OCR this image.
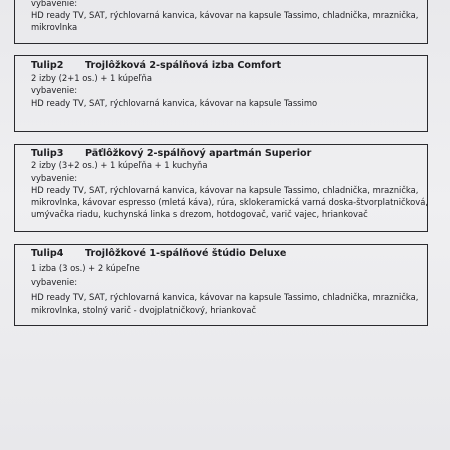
vybavenie:
HD ready TV, SAT, rýchlovarná kanvica, kávovar na kapsule Tassimo, chladnička, mraznička,
mikrovlnka
Tulip2 Trojlôžková 2-spálňová izba Comfort
2 izby (2+1 os.) + 1 kúpeľňa
vybavenie:
HD ready TV, SAT, rýchlovarná kanvica, kávovar na kapsule Tassimo
Tulip3 Päťlôžkový 2-spálňový apartmán Superior
2 izby (3+2 os.) + 1 kúpeľňa + 1 kuchyňa
vybavenie:
HD ready TV, SAT, rýchlovarná kanvica, kávovar na kapsule Tassimo, chladnička, mraznička,
mikrovlnka, kávovar espresso (mletá káva), rúra, sklokeramická varná doska-štvorplatničková,
umývačka riadu, kuchynská linka s drezom, hotdogovač, varič vajec, hriankovač
Tulip4 Trojlôžkové 1-spálňové štúdio Deluxe
1 izba (3 os.) + 2 kúpeľne
vybavenie:
HD ready TV, SAT, rýchlovarná kanvica, kávovar na kapsule Tassimo, chladnička, mraznička,
mikrovlnka, stolný varič - dvojplatničkový, hriankovač
